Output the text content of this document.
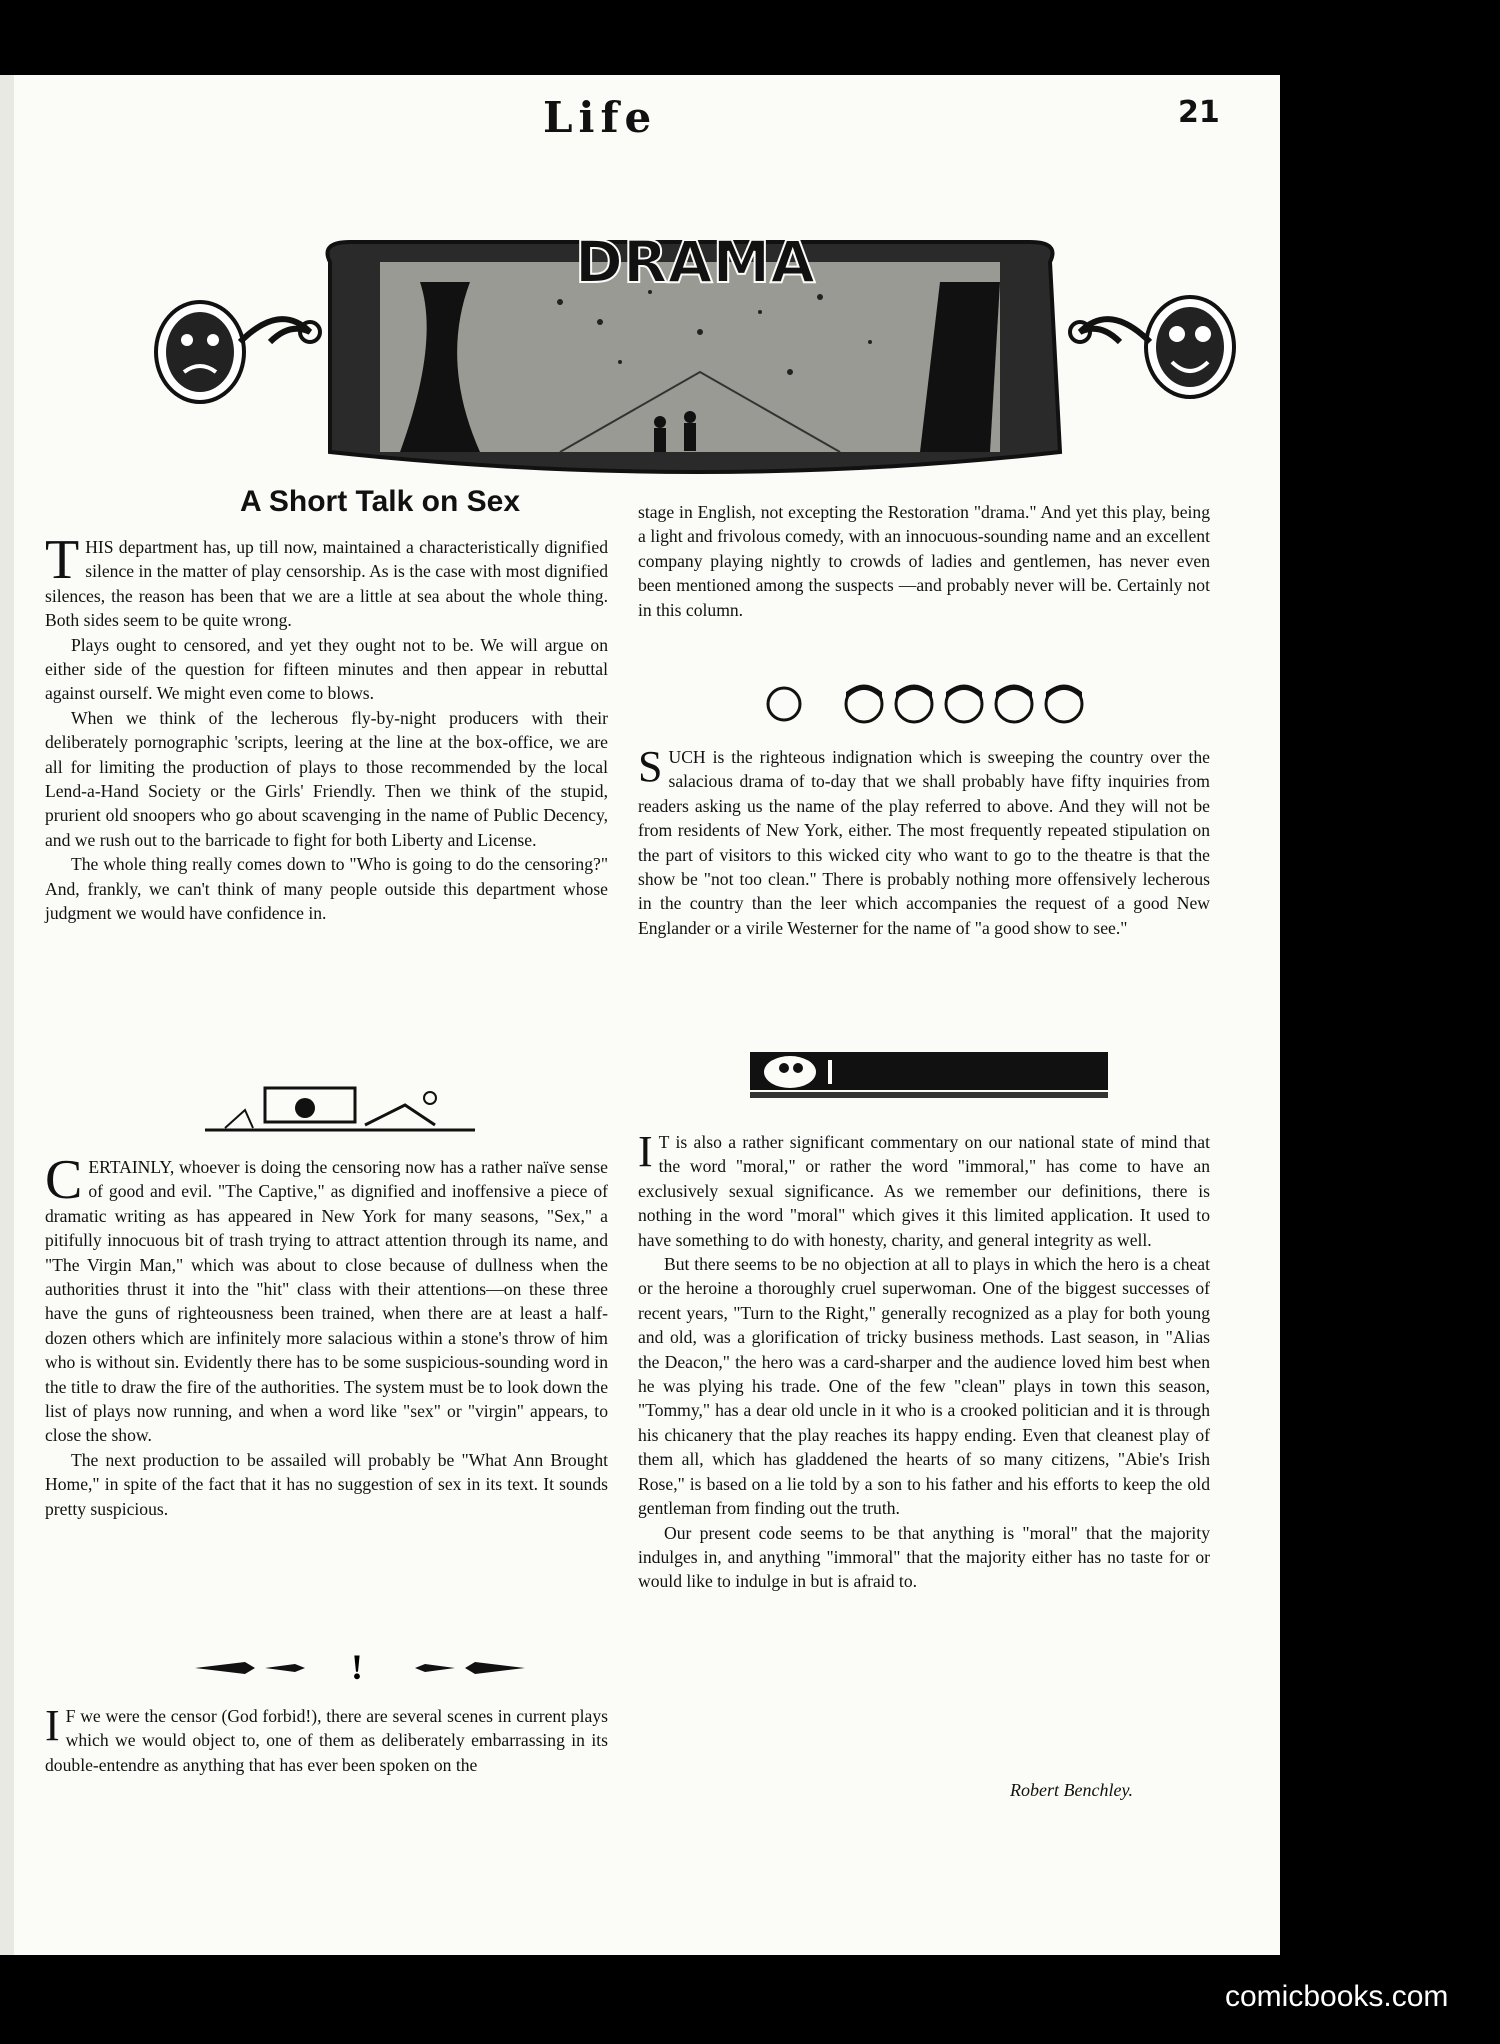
Life	21
DRAMA
A Short Talk on Sex

THIS department has, up till now, maintained a characteristically dignified silence in the matter of play censorship. As is the case with most dignified silences, the reason has been that we are a little at sea about the whole thing. Both sides seem to be quite wrong.

Plays ought to censored, and yet they ought not to be. We will argue on either side of the question for fifteen minutes and then appear in rebuttal against ourself. We might even come to blows.

When we think of the lecherous fly-by-night producers with their deliberately pornographic 'scripts, leering at the line at the box-office, we are all for limiting the production of plays to those recommended by the local Lend-a-Hand Society or the Girls' Friendly. Then we think of the stupid, prurient old snoopers who go about scavenging in the name of Public Decency, and we rush out to the barricade to fight for both Liberty and License.

The whole thing really comes down to "Who is going to do the censoring?" And, frankly, we can't think of many people outside this department whose judgment we would have confidence in.

CERTAINLY, whoever is doing the censoring now has a rather naïve sense of good and evil. "The Captive," as dignified and inoffensive a piece of dramatic writing as has appeared in New York for many seasons, "Sex," a pitifully innocuous bit of trash trying to attract attention through its name, and "The Virgin Man," which was about to close because of dullness when the authorities thrust it into the "hit" class with their attentions—on these three have the guns of righteousness been trained, when there are at least a half-dozen others which are infinitely more salacious within a stone's throw of him who is without sin. Evidently there has to be some suspicious-sounding word in the title to draw the fire of the authorities. The system must be to look down the list of plays now running, and when a word like "sex" or "virgin" appears, to close the show.

The next production to be assailed will probably be "What Ann Brought Home," in spite of the fact that it has no suggestion of sex in its text. It sounds pretty suspicious.

!

I F we were the censor (God forbid!), there are several scenes in current plays which we would object to, one of them as deliberately embarrassing in its double-entendre as anything that has ever been spoken on the

stage in English, not excepting the Restoration "drama." And yet this play, being a light and frivolous comedy, with an innocuous-sounding name and an excellent company playing nightly to crowds of ladies and gentlemen, has never even been mentioned among the suspects —and probably never will be. Certainly not in this column.

SUCH is the righteous indignation which is sweeping the country over the salacious drama of to-day that we shall probably have fifty inquiries from readers asking us the name of the play referred to above. And they will not be from residents of New York, either. The most frequently repeated stipulation on the part of visitors to this wicked city who want to go to the theatre is that the show be "not too clean." There is probably nothing more offensively lecherous in the country than the leer which accompanies the request of a good New Englander or a virile Westerner for the name of "a good show to see."

I T is also a rather significant commentary on our national state of mind that the word "moral," or rather the word "immoral," has come to have an exclusively sexual significance. As we remember our definitions, there is nothing in the word "moral" which gives it this limited application. It used to have something to do with honesty, charity, and general integrity as well.

But there seems to be no objection at all to plays in which the hero is a cheat or the heroine a thoroughly cruel superwoman. One of the biggest successes of recent years, "Turn to the Right," generally recognized as a play for both young and old, was a glorification of tricky business methods. Last season, in "Alias the Deacon," the hero was a card-sharper and the audience loved him best when he was plying his trade. One of the few "clean" plays in town this season, "Tommy," has a dear old uncle in it who is a crooked politician and it is through his chicanery that the play reaches its happy ending. Even that cleanest play of them all, which has gladdened the hearts of so many citizens, "Abie's Irish Rose," is based on a lie told by a son to his father and his efforts to keep the old gentleman from finding out the truth.

Our present code seems to be that anything is "moral" that the majority indulges in, and anything "immoral" that the majority either has no taste for or would like to indulge in but is afraid to.

Robert Benchley.
comicbooks.com
